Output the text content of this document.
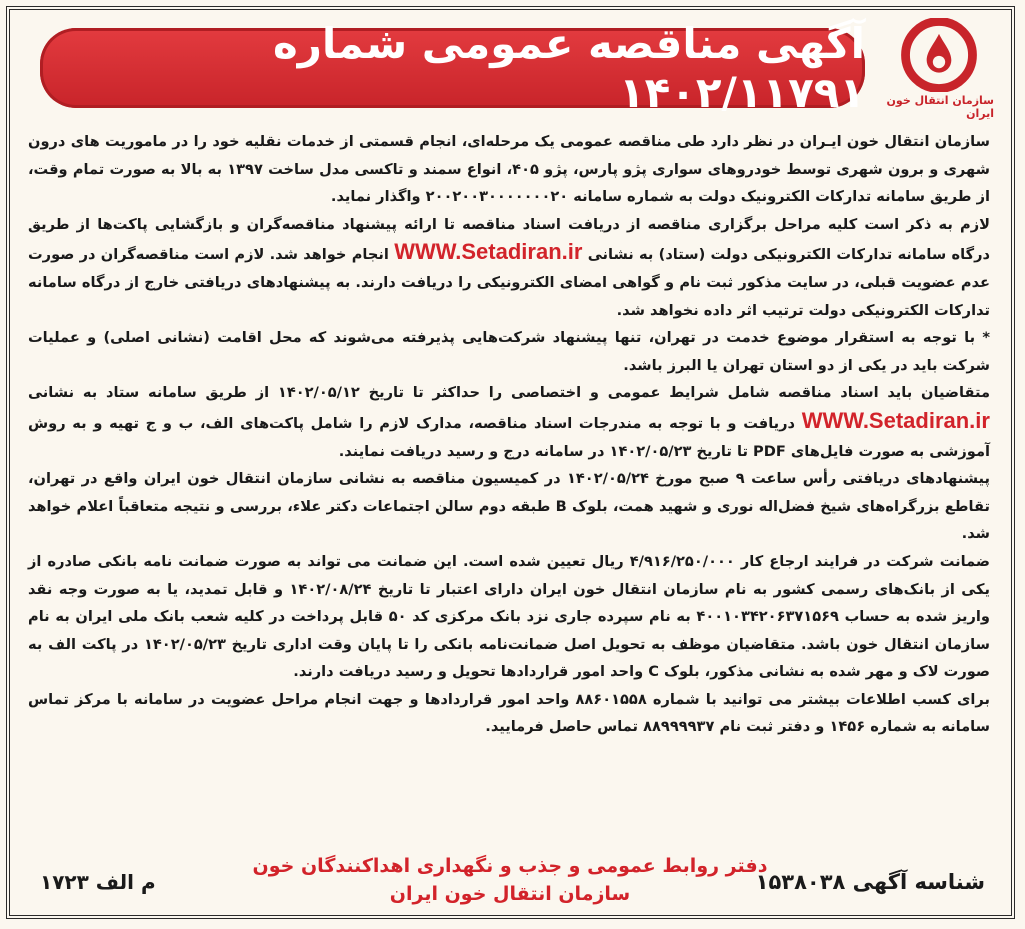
آگهی مناقصه عمومی شماره ۱۴۰۲/۱۱۷۹۱ سازمان انتقال خون ایران

سازمان انتقال خون ایـران در نظر دارد طی مناقصه عمومی یک مرحله‌ای، انجام قسمتی از خدمات نقلیه خود را در ماموریت های درون شهری و برون شهری توسط خودروهای سواری پژو پارس، پژو ۴۰۵، انواع سمند و تاکسی مدل ساخت ۱۳۹۷ به بالا به صورت تمام وقت، از طریق سامانه تدارکات الکترونیک دولت به شماره سامانه ۲۰۰۲۰۰۳۰۰۰۰۰۰۰۲۰ واگذار نماید.

لازم به ذکر است کلیه مراحل برگزاری مناقصه از دریافت اسناد مناقصه تا ارائه پیشنهاد مناقصه‌گران و بازگشایی پاکت‌ها از طریق درگاه سامانه تدارکات الکترونیکی دولت (ستاد) به نشانی WWW.Setadiran.ir انجام خواهد شد. لازم است مناقصه‌گران در صورت عدم عضویت قبلی، در سایت مذکور ثبت نام و گواهی امضای الکترونیکی را دریافت دارند. به پیشنهادهای دریافتی خارج از درگاه سامانه تدارکات الکترونیکی دولت ترتیب اثر داده نخواهد شد.

* با توجه به استقرار موضوع خدمت در تهران، تنها پیشنهاد شرکت‌هایی پذیرفته می‌شوند که محل اقامت (نشانی اصلی) و عملیات شرکت باید در یکی از دو استان تهران یا البرز باشد.

متقاضیان باید اسناد مناقصه شامل شرایط عمومی و اختصاصی را حداکثر تا تاریخ ۱۴۰۲/۰۵/۱۲ از طریق سامانه ستاد به نشانی WWW.Setadiran.ir دریافت و با توجه به مندرجات اسناد مناقصه، مدارک لازم را شامل پاکت‌های الف، ب و ج تهیه و به روش آموزشی به صورت فایل‌های PDF تا تاریخ ۱۴۰۲/۰۵/۲۳ در سامانه درج و رسید دریافت نمایند.

پیشنهادهای دریافتی رأس ساعت ۹ صبح مورخ ۱۴۰۲/۰۵/۲۴ در کمیسیون مناقصه به نشانی سازمان انتقال خون ایران واقع در تهران، تقاطع بزرگراه‌های شیخ فضل‌اله نوری و شهید همت، بلوک B طبقه دوم سالن اجتماعات دکتر علاء، بررسی و نتیجه متعاقباً اعلام خواهد شد.

ضمانت شرکت در فرایند ارجاع کار ۴/۹۱۶/۲۵۰/۰۰۰ ریال تعیین شده است. این ضمانت می تواند به صورت ضمانت نامه بانکی صادره از یکی از بانک‌های رسمی کشور به نام سازمان انتقال خون ایران دارای اعتبار تا تاریخ ۱۴۰۲/۰۸/۲۴ و قابل تمدید، یا به صورت وجه نقد واریز شده به حساب ۴۰۰۱۰۳۴۲۰۶۳۷۱۵۶۹ به نام سپرده جاری نزد بانک مرکزی کد ۵۰ قابل پرداخت در کلیه شعب بانک ملی ایران به نام سازمان انتقال خون باشد. متقاضیان موظف به تحویل اصل ضمانت‌نامه بانکی را تا پایان وقت اداری تاریخ ۱۴۰۲/۰۵/۲۳ در پاکت الف به صورت لاک و مهر شده به نشانی مذکور، بلوک C واحد امور قراردادها تحویل و رسید دریافت دارند.

برای کسب اطلاعات بیشتر می توانید با شماره ۸۸۶۰۱۵۵۸ واحد امور قراردادها و جهت انجام مراحل عضویت در سامانه با مرکز تماس سامانه به شماره ۱۴۵۶ و دفتر ثبت نام ۸۸۹۹۹۹۳۷ تماس حاصل فرمایید.

دفتر روابط عمومی و جذب و نگهداری اهداکنندگان خون
سازمان انتقال خون ایران	شناسه آگهی ۱۵۳۸۰۳۸
م الف ۱۷۲۳
